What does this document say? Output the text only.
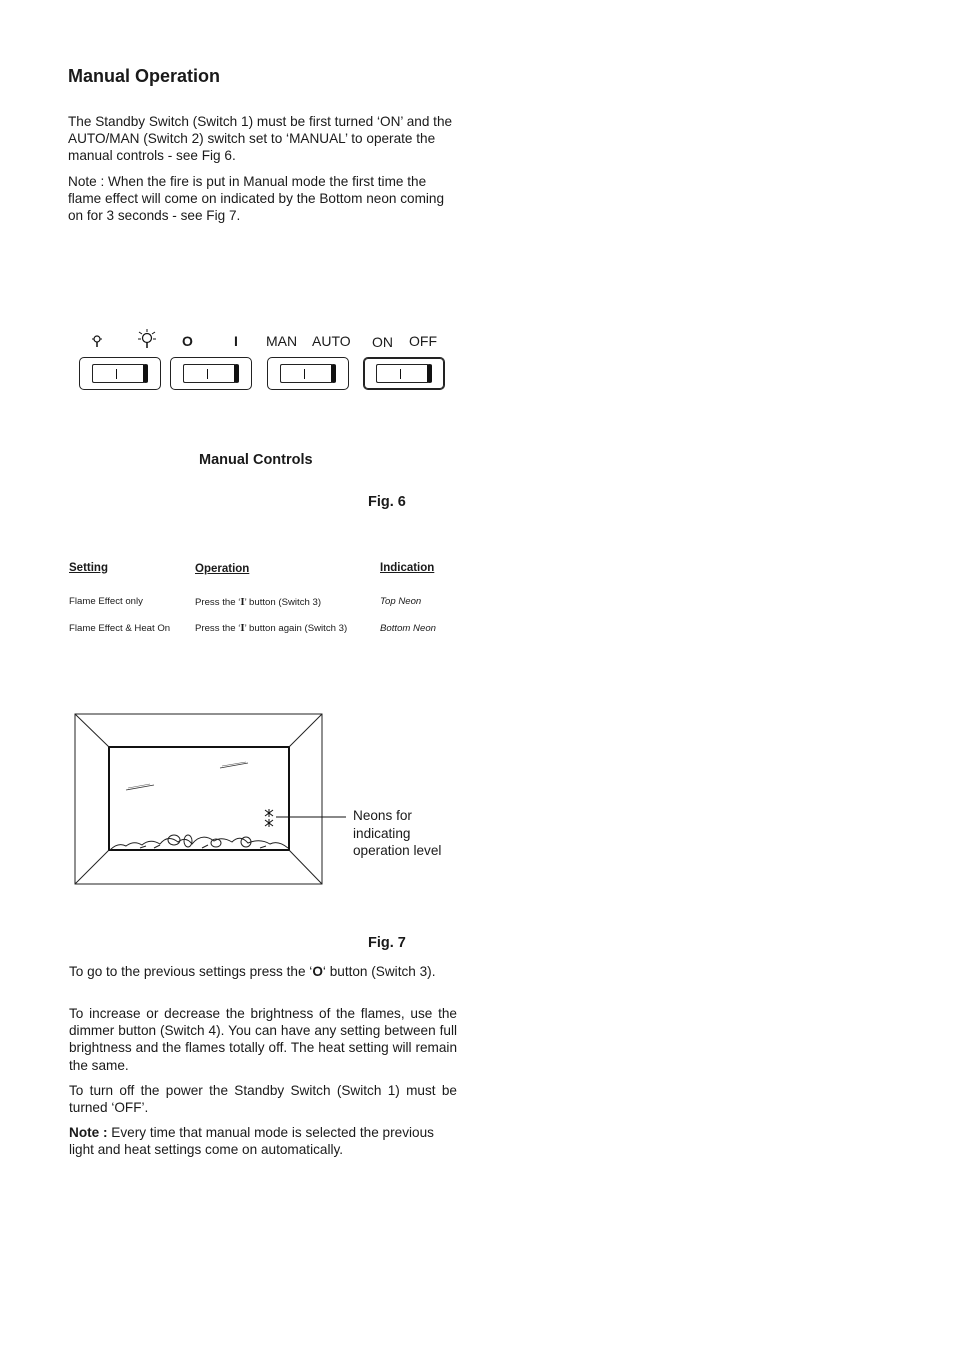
Manual Operation
The Standby Switch (Switch 1) must be first turned ‘ON’ and the AUTO/MAN (Switch 2) switch set to ‘MANUAL’ to operate the manual controls - see Fig 6.
Note : When the fire is put in Manual mode the first time the flame effect will come on indicated by the Bottom neon coming on for 3 seconds - see Fig 7.
O	I MAN AUTO ON OFF
Manual Controls
Fig. 6
Setting	Operation	Indication
Flame Effect only	Press the ‘I’ button (Switch 3)	Top Neon
Flame Effect & Heat On	Press the ‘I’ button again (Switch 3)	Bottom Neon
Neons for
indicating
operation level
Fig. 7
To go to the previous settings press the ‘O‘ button (Switch 3).
To increase or decrease the brightness of the flames, use the dimmer button (Switch 4). You can have any setting between full brightness and the flames totally off. The heat setting will remain the same.
To turn off the power the Standby Switch (Switch 1) must be turned ‘OFF’.
Note : Every time that manual mode is selected the previous light and heat settings come on automatically.
